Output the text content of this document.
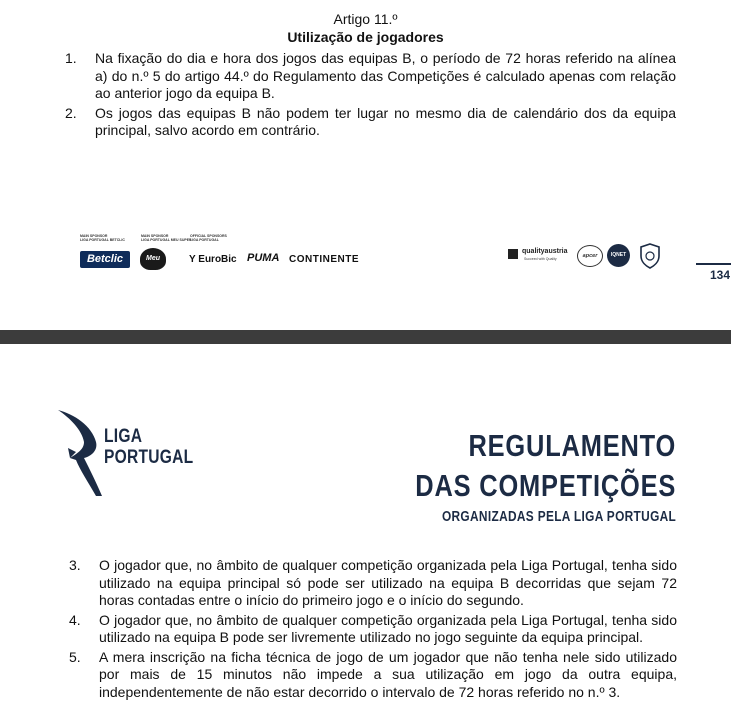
Artigo 11.º
Utilização de jogadores
1. Na fixação do dia e hora dos jogos das equipas B, o período de 72 horas referido na alínea a) do n.º 5 do artigo 44.º do Regulamento das Competições é calculado apenas com relação ao anterior jogo da equipa B.
2. Os jogos das equipas B não podem ter lugar no mesmo dia de calendário dos da equipa principal, salvo acordo em contrário.
MAIN SPONSOR
LIGA PORTUGAL BETCLIC
MAIN SPONSOR
LIGA PORTUGAL MEU SUPER
OFFICIAL SPONSORS
LIGA PORTUGAL
Betclic	Meu Super
Y EuroBic PUMA CONTINENTE
qualityaustria
Succeed with Quality	apcer	IQNET
134
LIGA
PORTUGAL	REGULAMENTO
DAS COMPETIÇÕES
ORGANIZADAS PELA LIGA PORTUGAL
3. O jogador que, no âmbito de qualquer competição organizada pela Liga Portugal, tenha sido utilizado na equipa principal só pode ser utilizado na equipa B decorridas que sejam 72 horas contadas entre o início do primeiro jogo e o início do segundo.
4. O jogador que, no âmbito de qualquer competição organizada pela Liga Portugal, tenha sido utilizado na equipa B pode ser livremente utilizado no jogo seguinte da equipa principal.
5. A mera inscrição na ficha técnica de jogo de um jogador que não tenha nele sido utilizado por mais de 15 minutos não impede a sua utilização em jogo da outra equipa, independentemente de não estar decorrido o intervalo de 72 horas referido no n.º 3.
